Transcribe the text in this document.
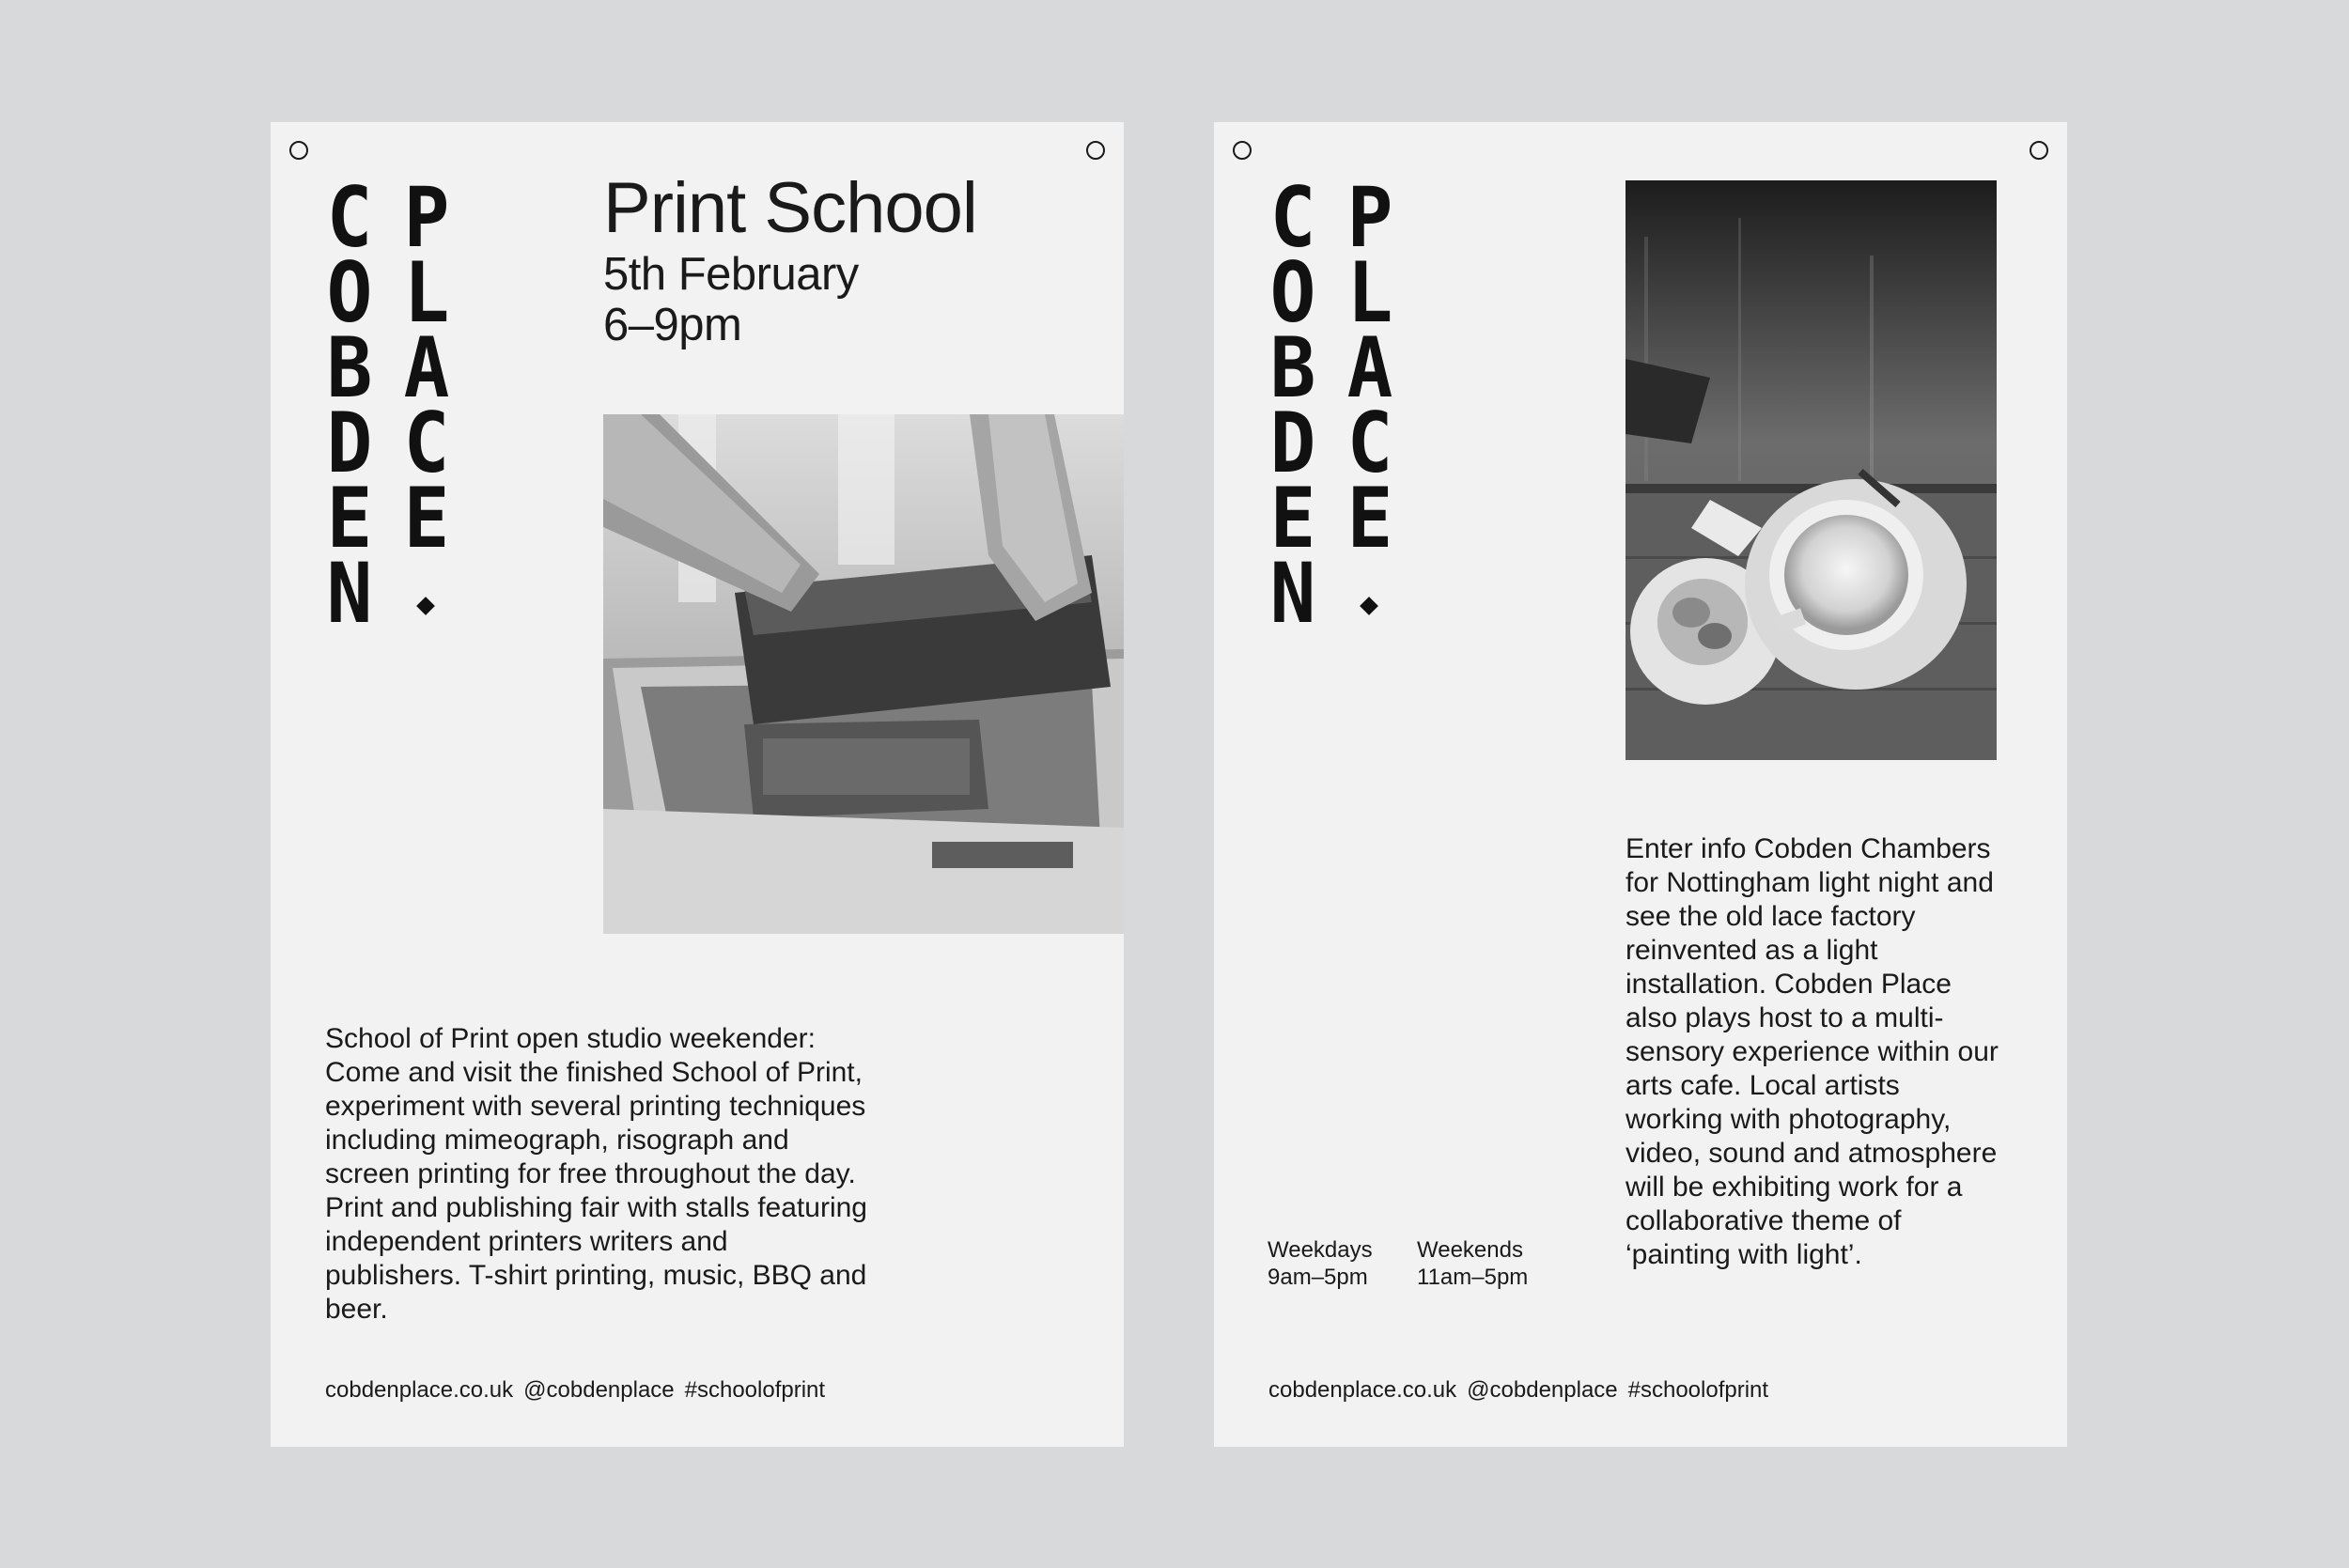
C
O
B
D
E
N
P
L
A
C
E
Print School
5th February
6–9pm
School of Print open studio weekender: Come and visit the finished School of Print, experiment with several printing techniques including mimeograph, risograph and screen printing for free throughout the day. Print and publishing fair with stalls featuring independent printers writers and publishers. T-shirt printing, music, BBQ and beer.
cobdenplace.co.uk @cobdenplace #schoolofprint
C
O
B
D
E
N
P
L
A
C
E
Enter info Cobden Chambers for Nottingham light night and see the old lace factory reinvented as a light installation. Cobden Place also plays host to a multi-sensory experience within our arts cafe. Local artists working with photography, video, sound and atmosphere will be exhibiting work for a collaborative theme of ‘painting with light’.
Weekdays
9am–5pm
Weekends
11am–5pm
cobdenplace.co.uk @cobdenplace #schoolofprint
